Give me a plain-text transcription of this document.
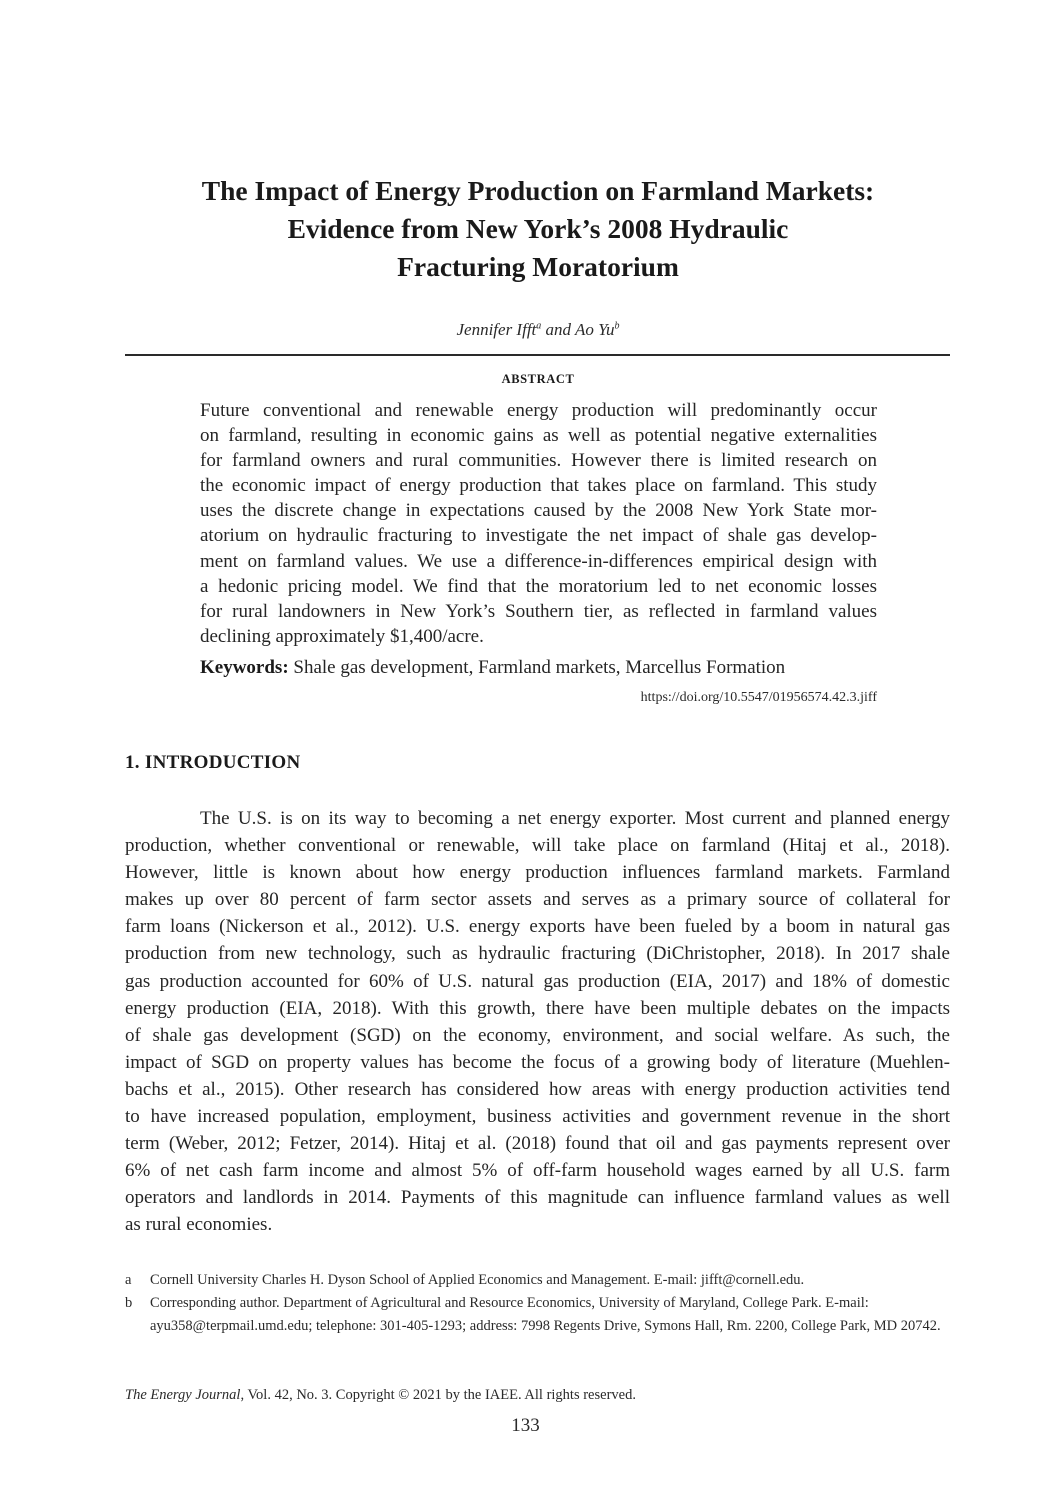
The Impact of Energy Production on Farmland Markets:
Evidence from New York’s 2008 Hydraulic
Fracturing Moratorium
Jennifer Ifft$^a$ and Ao Yu$^b$
ABSTRACT

Future conventional and renewable energy production will predominantly occur
on farmland, resulting in economic gains as well as potential negative externalities
for farmland owners and rural communities. However there is limited research on
the economic impact of energy production that takes place on farmland. This study
uses the discrete change in expectations caused by the 2008 New York State mor-
atorium on hydraulic fracturing to investigate the net impact of shale gas develop-
ment on farmland values. We use a difference-in-differences empirical design with
a hedonic pricing model. We find that the moratorium led to net economic losses
for rural landowners in New York’s Southern tier, as reflected in farmland values
declining approximately $1,400/acre.

Keywords: Shale gas development, Farmland markets, Marcellus Formation
https://doi.org/10.5547/01956574.42.3.jiff
1. INTRODUCTION
The U.S. is on its way to becoming a net energy exporter. Most current and planned energy
production, whether conventional or renewable, will take place on farmland (Hitaj et al., 2018).
However, little is known about how energy production influences farmland markets. Farmland
makes up over 80 percent of farm sector assets and serves as a primary source of collateral for
farm loans (Nickerson et al., 2012). U.S. energy exports have been fueled by a boom in natural gas
production from new technology, such as hydraulic fracturing (DiChristopher, 2018). In 2017 shale
gas production accounted for 60% of U.S. natural gas production (EIA, 2017) and 18% of domestic
energy production (EIA, 2018). With this growth, there have been multiple debates on the impacts
of shale gas development (SGD) on the economy, environment, and social welfare. As such, the
impact of SGD on property values has become the focus of a growing body of literature (Muehlen-
bachs et al., 2015). Other research has considered how areas with energy production activities tend
to have increased population, employment, business activities and government revenue in the short
term (Weber, 2012; Fetzer, 2014). Hitaj et al. (2018) found that oil and gas payments represent over
6% of net cash farm income and almost 5% of off-farm household wages earned by all U.S. farm
operators and landlords in 2014. Payments of this magnitude can influence farmland values as well
as rural economies.
a	Cornell University Charles H. Dyson School of Applied Economics and Management. E-mail: jifft@cornell.edu.
b	Corresponding author. Department of Agricultural and Resource Economics, University of Maryland, College Park. E-mail: ayu358@terpmail.umd.edu; telephone: 301-405-1293; address: 7998 Regents Drive, Symons Hall, Rm. 2200, College Park, MD 20742.
The Energy Journal, Vol. 42, No. 3. Copyright © 2021 by the IAEE. All rights reserved.
133
